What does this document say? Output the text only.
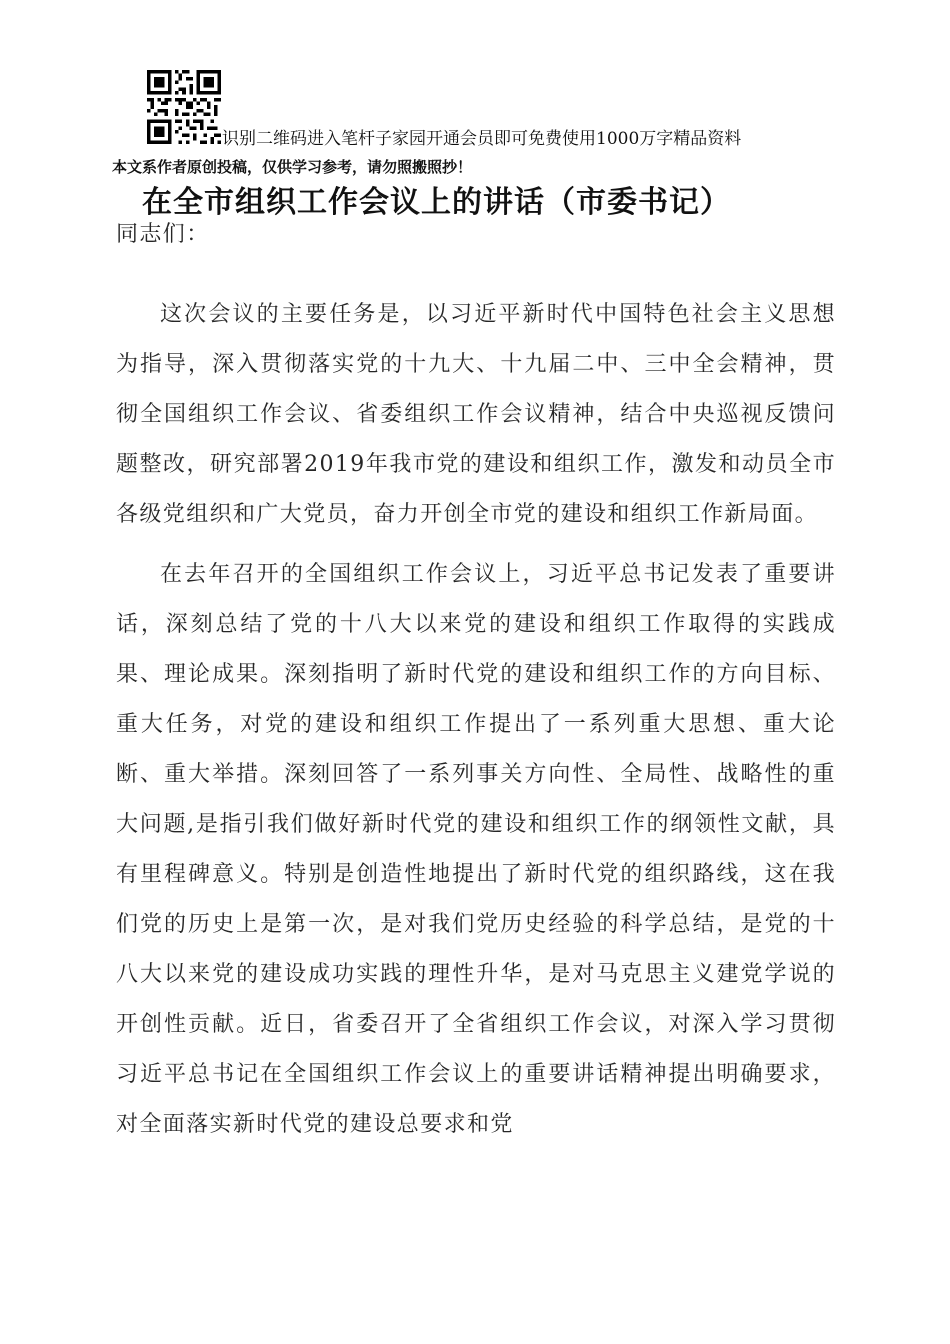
识别二维码进入笔杆子家园开通会员即可免费使用1000万字精品资料
本文系作者原创投稿，仅供学习参考，请勿照搬照抄！
在全市组织工作会议上的讲话（市委书记）

同志们：

这次会议的主要任务是，以习近平新时代中国特色社会主义思想为指导，深入贯彻落实党的十九大、十九届二中、三中全会精神，贯彻全国组织工作会议、省委组织工作会议精神，结合中央巡视反馈问题整改，研究部署2019年我市党的建设和组织工作，激发和动员全市各级党组织和广大党员，奋力开创全市党的建设和组织工作新局面。

在去年召开的全国组织工作会议上，习近平总书记发表了重要讲话，深刻总结了党的十八大以来党的建设和组织工作取得的实践成果、理论成果。深刻指明了新时代党的建设和组织工作的方向目标、重大任务，对党的建设和组织工作提出了一系列重大思想、重大论断、重大举措。深刻回答了一系列事关方向性、全局性、战略性的重大问题,是指引我们做好新时代党的建设和组织工作的纲领性文献，具有里程碑意义。特别是创造性地提出了新时代党的组织路线，这在我们党的历史上是第一次，是对我们党历史经验的科学总结，是党的十八大以来党的建设成功实践的理性升华，是对马克思主义建党学说的开创性贡献。近日，省委召开了全省组织工作会议，对深入学习贯彻习近平总书记在全国组织工作会议上的重要讲话精神提出明确要求，对全面落实新时代党的建设总要求和党
